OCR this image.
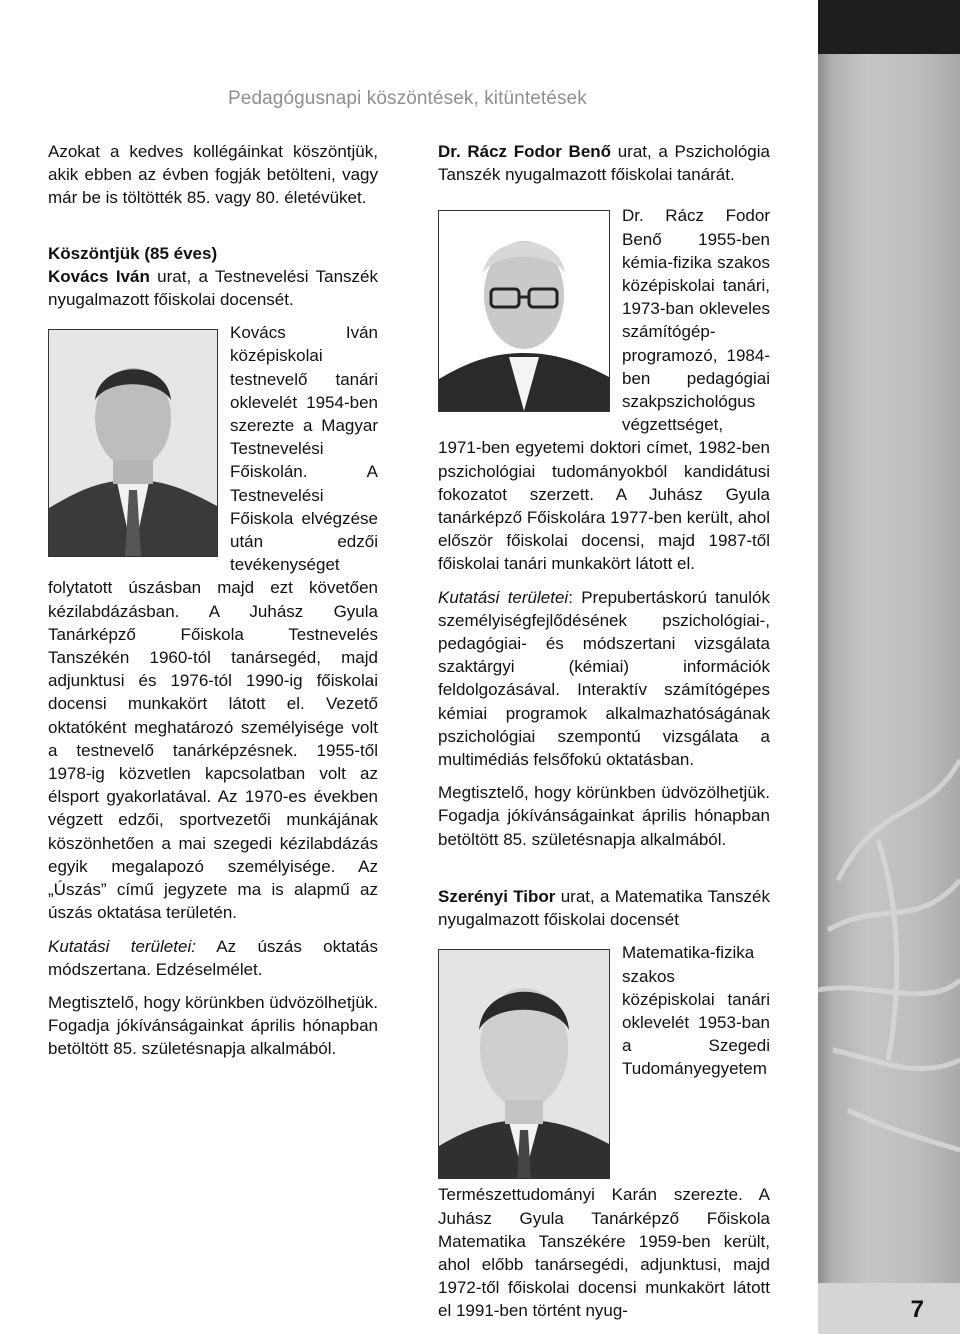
7
Pedagógusnapi köszöntések, kitüntetések

Azokat a kedves kollégáinkat köszöntjük, akik ebben az évben fogják betölteni, vagy már be is töltötték 85. vagy 80. életévüket.

Köszöntjük (85 éves)

Kovács Iván urat, a Testnevelési Tanszék nyugalmazott főiskolai docensét.

Kovács Iván középiskolai testnevelő tanári oklevelét 1954-ben szerezte a Magyar Testnevelési Főiskolán. A Testnevelési Főiskola elvégzése után edzői tevékenységet folytatott úszásban majd ezt követően kézilabdázásban. A Juhász Gyula Tanárképző Főiskola Testnevelés Tanszékén 1960-tól tanársegéd, majd adjunktusi és 1976-tól 1990-ig főiskolai docensi munkakört látott el. Vezető oktatóként meghatározó személyisége volt a testnevelő tanárképzésnek. 1955-től 1978-ig közvetlen kapcsolatban volt az élsport gyakorlatával. Az 1970-es években végzett edzői, sportvezetői munkájának köszönhetően a mai szegedi kézilabdázás egyik megalapozó személyisége. Az „Úszás” című jegyzete ma is alapmű az úszás oktatása területén.

Kutatási területei: Az úszás oktatás módszertana. Edzéselmélet.

Megtisztelő, hogy körünkben üdvözölhetjük. Fogadja jókívánságainkat április hónapban betöltött 85. születésnapja alkalmából.

Dr. Rácz Fodor Benő urat, a Pszichológia Tanszék nyugalmazott főiskolai tanárát.

Dr. Rácz Fodor Benő 1955-ben kémia-fizika szakos középiskolai tanári, 1973-ban okleveles számítógép-programozó, 1984-ben pedagógiai szakpszichológus végzettséget, 1971-ben egyetemi doktori címet, 1982-ben pszichológiai tudományokból kandidátusi fokozatot szerzett. A Juhász Gyula tanárképző Főiskolára 1977-ben került, ahol először főiskolai docensi, majd 1987-től főiskolai tanári munkakört látott el.

Kutatási területei: Prepubertáskorú tanulók személyiségfejlődésének pszichológiai-, pedagógiai- és módszertani vizsgálata szaktárgyi (kémiai) információk feldolgozásával. Interaktív számítógépes kémiai programok alkalmazhatóságának pszichológiai szempontú vizsgálata a multimédiás felsőfokú oktatásban.

Megtisztelő, hogy körünkben üdvözölhetjük. Fogadja jókívánságainkat április hónapban betöltött 85. születésnapja alkalmából.

Szerényi Tibor urat, a Matematika Tanszék nyugalmazott főiskolai docensét

Matematika-fizika szakos középiskolai tanári oklevelét 1953-ban a Szegedi Tudományegyetem Természettudományi Karán szerezte. A Juhász Gyula Tanárképző Főiskola Matematika Tanszékére 1959-ben került, ahol előbb tanársegédi, adjunktusi, majd 1972-től főiskolai docensi munkakört látott el 1991-ben történt nyug-
